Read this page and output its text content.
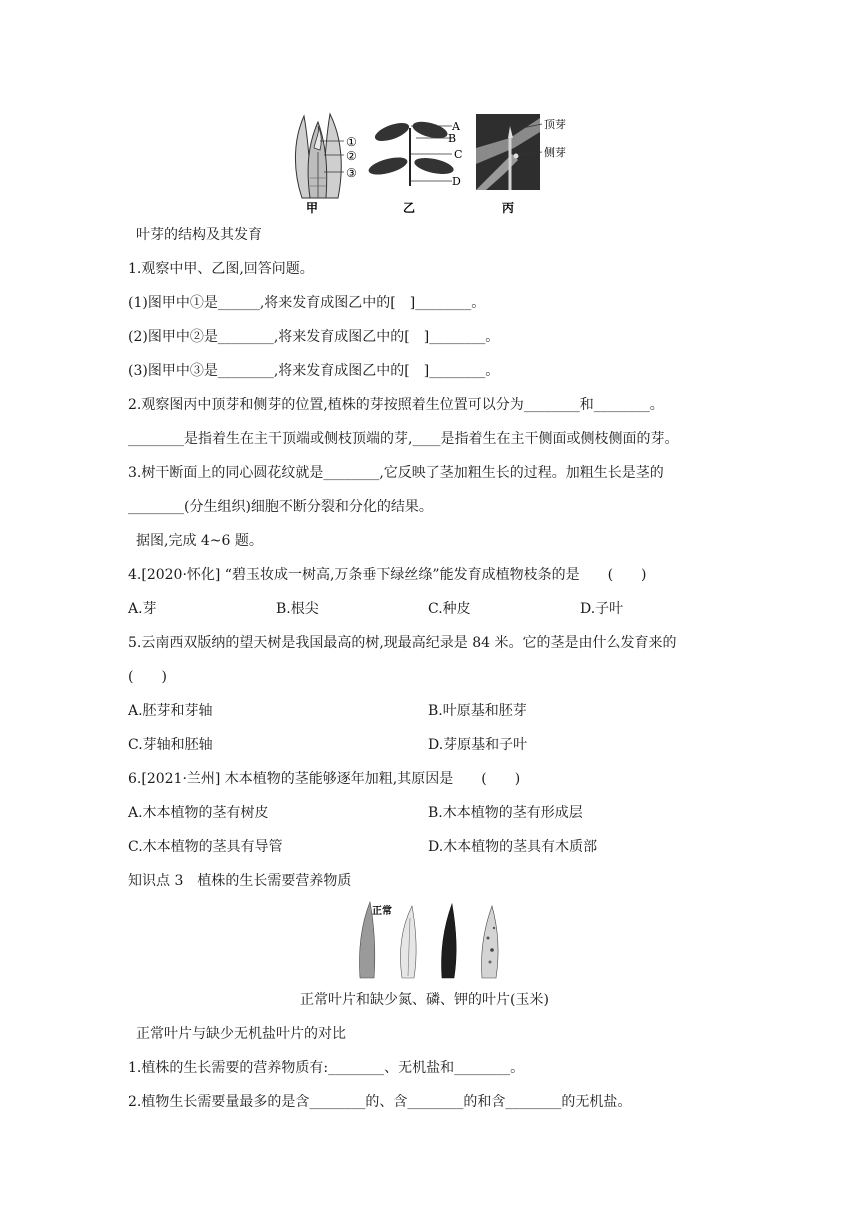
①
②
③
A
B
C
D
顶芽
侧芽
甲	乙	丙
叶芽的结构及其发育
1.观察中甲、乙图,回答问题。
(1)图甲中①是______,将来发育成图乙中的[　]________。
(2)图甲中②是________,将来发育成图乙中的[　]________。
(3)图甲中③是________,将来发育成图乙中的[　]________。
2.观察图丙中顶芽和侧芽的位置,植株的芽按照着生位置可以分为________和________。
________是指着生在主干顶端或侧枝顶端的芽,____是指着生在主干侧面或侧枝侧面的芽。
3.树干断面上的同心圆花纹就是________,它反映了茎加粗生长的过程。加粗生长是茎的
________(分生组织)细胞不断分裂和分化的结果。
据图,完成 4~6 题。
4.[2020·怀化] “碧玉妆成一树高,万条垂下绿丝绦”能发育成植物枝条的是　　(　　)
A.芽	B.根尖	C.种皮	D.子叶
5.云南西双版纳的望天树是我国最高的树,现最高纪录是 84 米。它的茎是由什么发育来的
(　　)
A.胚芽和芽轴	B.叶原基和胚芽
C.芽轴和胚轴	D.芽原基和子叶
6.[2021·兰州] 木本植物的茎能够逐年加粗,其原因是　　(　　)
A.木本植物的茎有树皮	B.木本植物的茎有形成层
C.木本植物的茎具有导管	D.木本植物的茎具有木质部
知识点 3　植株的生长需要营养物质
正常
正常叶片和缺少氮、磷、钾的叶片(玉米)
正常叶片与缺少无机盐叶片的对比
1.植株的生长需要的营养物质有:________、无机盐和________。
2.植物生长需要量最多的是含________的、含________的和含________的无机盐。
